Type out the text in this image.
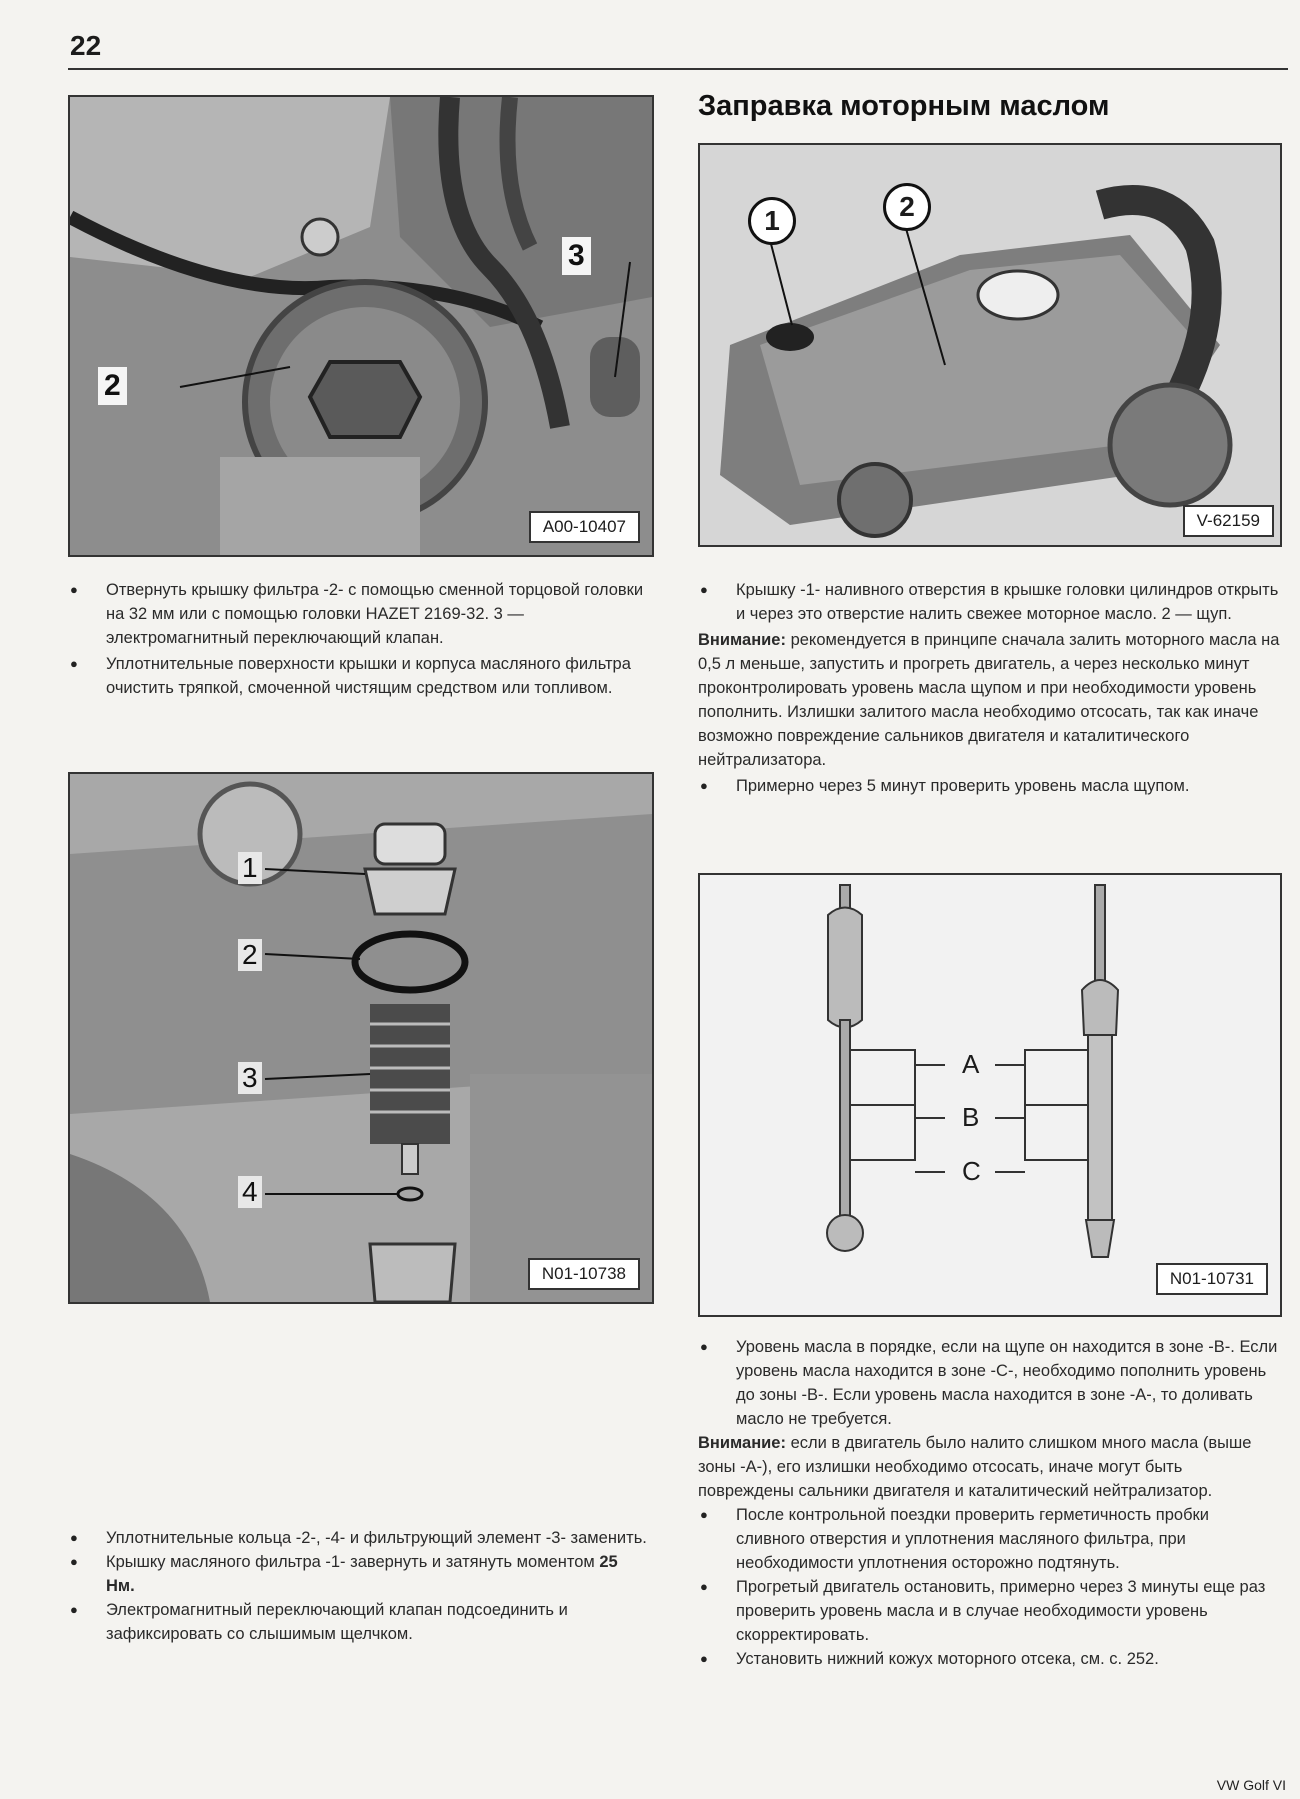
22
2
3
A00-10407
1	2
V-62159
● Отвернуть крышку фильтра -2- с помощью сменной торцовой головки на 32 мм или с помощью головки HAZET 2169-32. 3 — электромагнитный переключающий клапан.
● Уплотнительные поверхности крышки и корпуса масляного фильтра очистить тряпкой, смоченной чистящим средством или топливом.
Заправка моторным маслом
● Крышку -1- наливного отверстия в крышке головки цилиндров открыть и через это отверстие налить свежее моторное масло. 2 — щуп.
Внимание: рекомендуется в принципе сначала залить моторного масла на 0,5 л меньше, запустить и прогреть двигатель, а через несколько минут проконтролировать уровень масла щупом и при необходимости уровень пополнить. Излишки залитого масла необходимо отсосать, так как иначе возможно повреждение сальников двигателя и каталитического нейтрализатора.
● Примерно через 5 минут проверить уровень масла щупом.
1
2
3
4
N01-10738
A
B
C
N01-10731
● Уплотнительные кольца -2-, -4- и фильтрующий элемент -3- заменить.
● Крышку масляного фильтра -1- завернуть и затянуть моментом 25 Нм.
● Электромагнитный переключающий клапан подсоединить и зафиксировать со слышимым щелчком.
● Уровень масла в порядке, если на щупе он находится в зоне -B-. Если уровень масла находится в зоне -C-, необходимо пополнить уровень до зоны -B-. Если уровень масла находится в зоне -A-, то доливать масло не требуется.
Внимание: если в двигатель было налито слишком много масла (выше зоны -A-), его излишки необходимо отсосать, иначе могут быть повреждены сальники двигателя и каталитический нейтрализатор.
● После контрольной поездки проверить герметичность пробки сливного отверстия и уплотнения масляного фильтра, при необходимости уплотнения осторожно подтянуть.
● Прогретый двигатель остановить, примерно через 3 минуты еще раз проверить уровень масла и в случае необходимости уровень скорректировать.
● Установить нижний кожух моторного отсека, см. с. 252.
VW Golf VI
